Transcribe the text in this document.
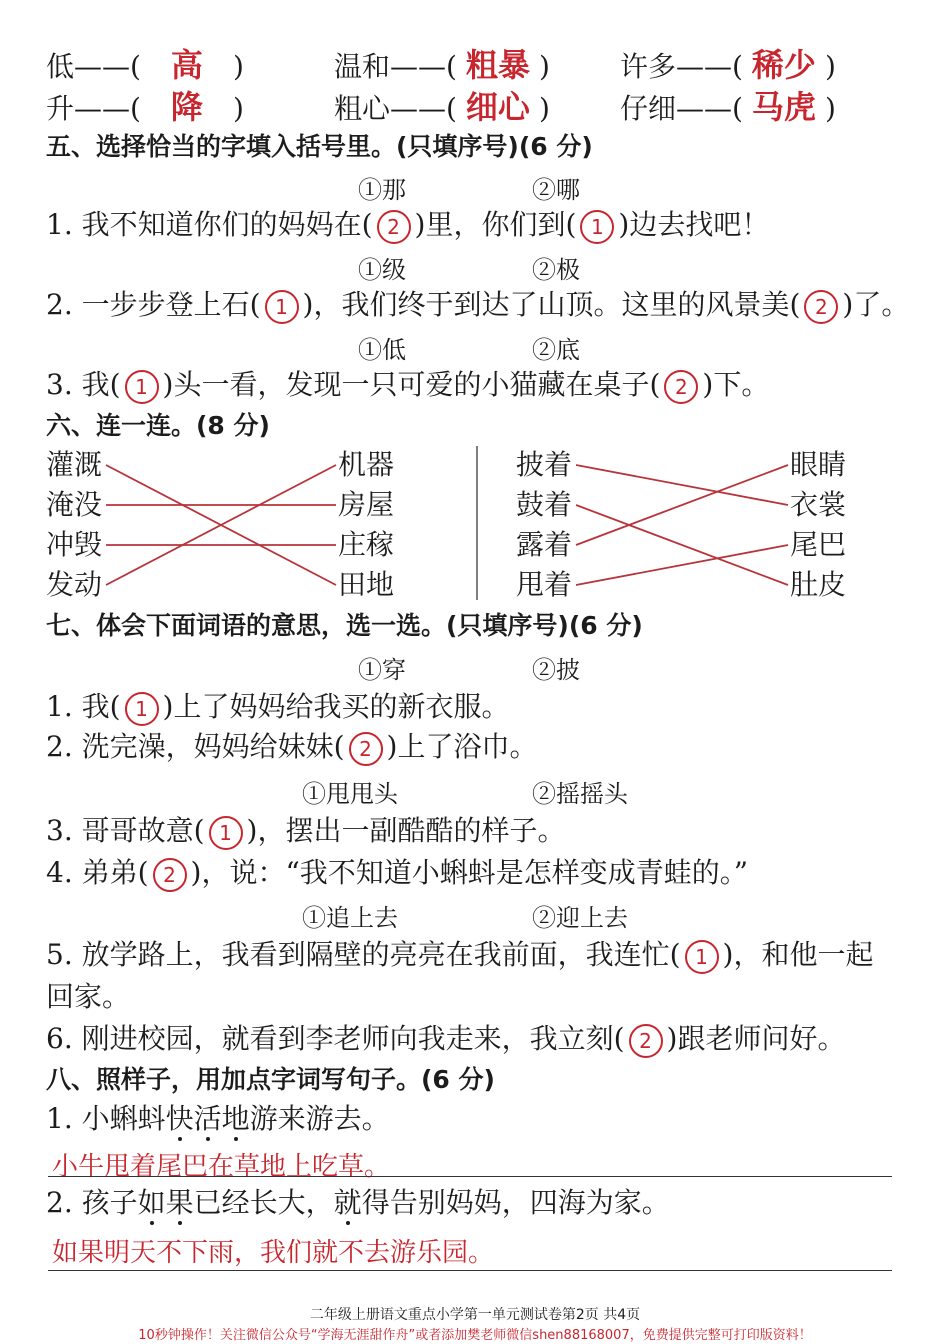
低——( 高 )	温和——( 粗暴 )	许多——( 稀少 )
升——( 降 )	粗心——( 细心 )	仔细——( 马虎 )
五、选择恰当的字填入括号里。(只填序号)(6 分)
①那	②哪
1. 我不知道你们的妈妈在( 2 )里，你们到( 1 )边去找吧！
①级	②极
2. 一步步登上石( 1 )，我们终于到达了山顶。这里的风景美( 2 )了。
①低	②底
3. 我( 1 )头一看，发现一只可爱的小猫藏在桌子( 2 )下。
六、连一连。(8 分)
灌溉
淹没
冲毁
发动
机器
房屋
庄稼
田地
披着
鼓着
露着
甩着
眼睛
衣裳
尾巴
肚皮
七、体会下面词语的意思，选一选。(只填序号)(6 分)
①穿	②披
1. 我( 1 )上了妈妈给我买的新衣服。
2. 洗完澡，妈妈给妹妹( 2 )上了浴巾。
①甩甩头	②摇摇头
3. 哥哥故意( 1 )，摆出一副酷酷的样子。
4. 弟弟( 2 )，说：“我不知道小蝌蚪是怎样变成青蛙的。”
①追上去	②迎上去
5. 放学路上，我看到隔壁的亮亮在我前面，我连忙( 1 )，和他一起
回家。
6. 刚进校园，就看到李老师向我走来，我立刻( 2 )跟老师问好。
八、照样子，用加点字词写句子。(6 分)
1. 小蝌蚪快活地游来游去。
小牛甩着尾巴在草地上吃草。
2. 孩子如果已经长大，就得告别妈妈，四海为家。
如果明天不下雨，我们就不去游乐园。
二年级上册语文重点小学第一单元测试卷第2页 共4页
10秒钟操作！关注微信公众号“学海无涯甜作舟”或者添加樊老师微信shen88168007，免费提供完整可打印版资料！
